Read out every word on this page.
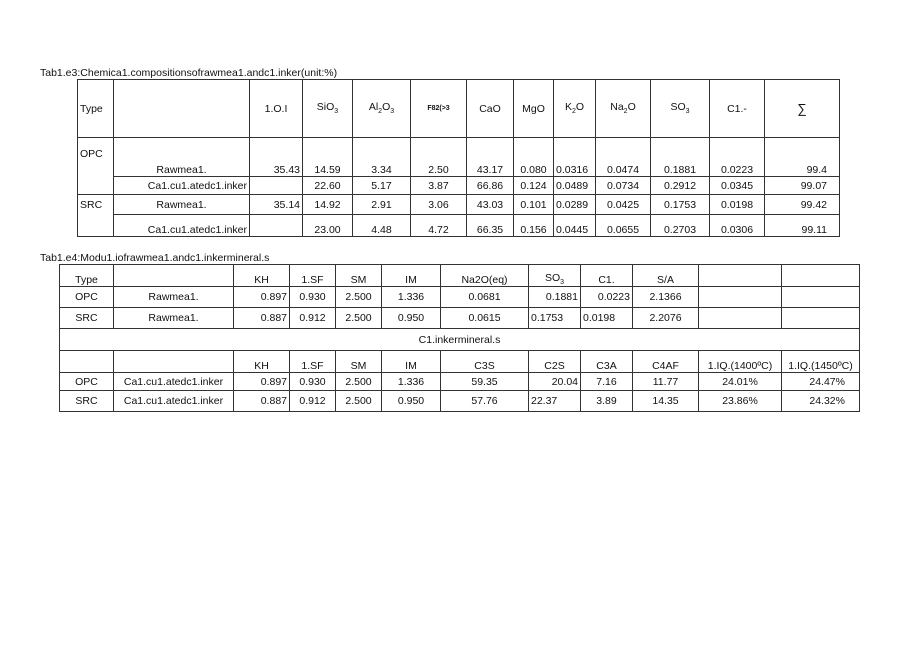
Tab1.e3:Chemica1.compositionsofrawmea1.andc1.inker(unit:%)
Type		1.O.I	SiO$_3$	$Al_2O_3$	F82(>3	CaO	MgO	$K_2O$	$Na_2O$	$SO_3$	C1.-	∑
OPC	Rawmea1.	35.43	14.59	3.34	2.50	43.17	0.080	0.0316	0.0474	0.1881	0.0223	99.4
	Ca1.cu1.atedc1.inker		22.60	5.17	3.87	66.86	0.124	0.0489	0.0734	0.2912	0.0345	99.07
SRC	Rawmea1.	35.14	14.92	2.91	3.06	43.03	0.101	0.0289	0.0425	0.1753	0.0198	99.42
	Ca1.cu1.atedc1.inker		23.00	4.48	4.72	66.35	0.156	0.0445	0.0655	0.2703	0.0306	99.11
Tab1.e4:Modu1.iofrawmea1.andc1.inkermineral.s
Type		KH	1.SF	SM	IM	Na2O(eq)	$SO_3$	C1.	S/A		
OPC	Rawmea1.	0.897	0.930	2.500	1.336	0.0681	0.1881	0.0223	2.1366		
SRC	Rawmea1.	0.887	0.912	2.500	0.950	0.0615	0.1753	0.0198	2.2076		
C1.inkermineral.s											
		KH	1.SF	SM	IM	C3S	C2S	C3A	C4AF	1.IQ.(1400ºC)	1.IQ.(1450ºC)
OPC	Ca1.cu1.atedc1.inker	0.897	0.930	2.500	1.336	59.35	20.04	7.16	11.77	24.01%	24.47%
SRC	Ca1.cu1.atedc1.inker	0.887	0.912	2.500	0.950	57.76	22.37	3.89	14.35	23.86%	24.32%
